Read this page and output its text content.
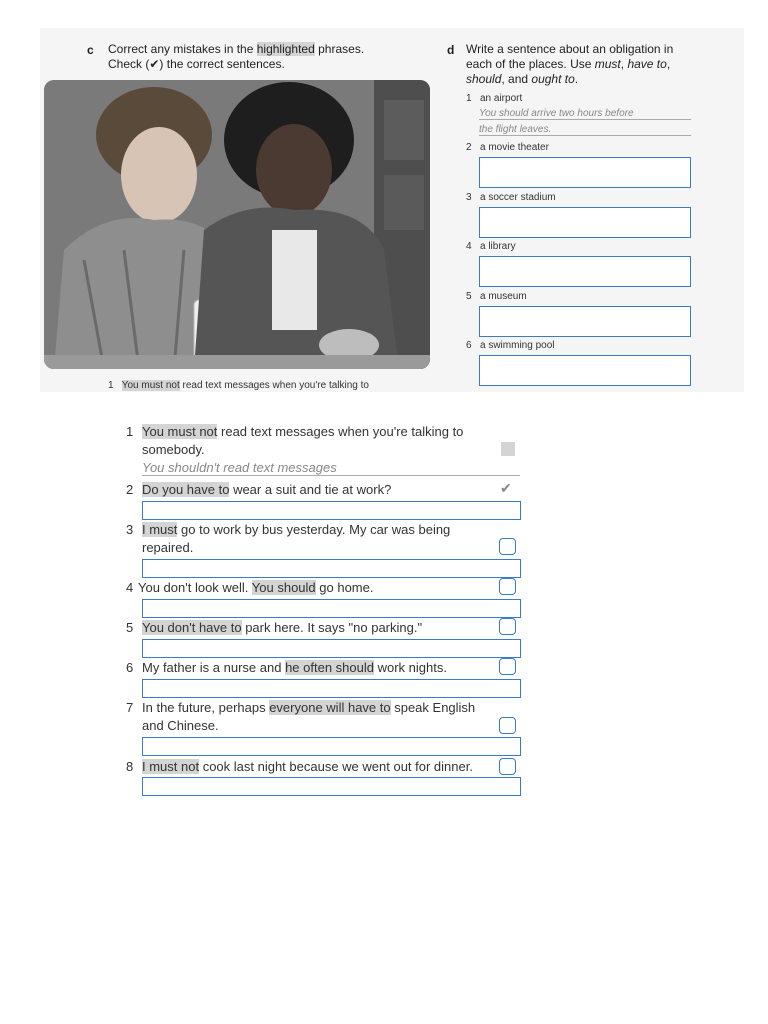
c Correct any mistakes in the highlighted phrases.
Check (✔) the correct sentences.
1 You must not read text messages when you're talking to
d Write a sentence about an obligation in
each of the places. Use must, have to,
should, and ought to.
1 an airport
You should arrive two hours before
the flight leaves.
2 a movie theater
3 a soccer stadium
4 a library
5 a museum
6 a swimming pool
1 You must not read text messages when you're talking to
somebody.
You shouldn't read text messages
2 Do you have to wear a suit and tie at work?	✔
3 I must go to work by bus yesterday. My car was being
repaired.
4 You don't look well. You should go home.
5 You don't have to park here. It says "no parking."
6 My father is a nurse and he often should work nights.
7 In the future, perhaps everyone will have to speak English
and Chinese.
8 I must not cook last night because we went out for dinner.
